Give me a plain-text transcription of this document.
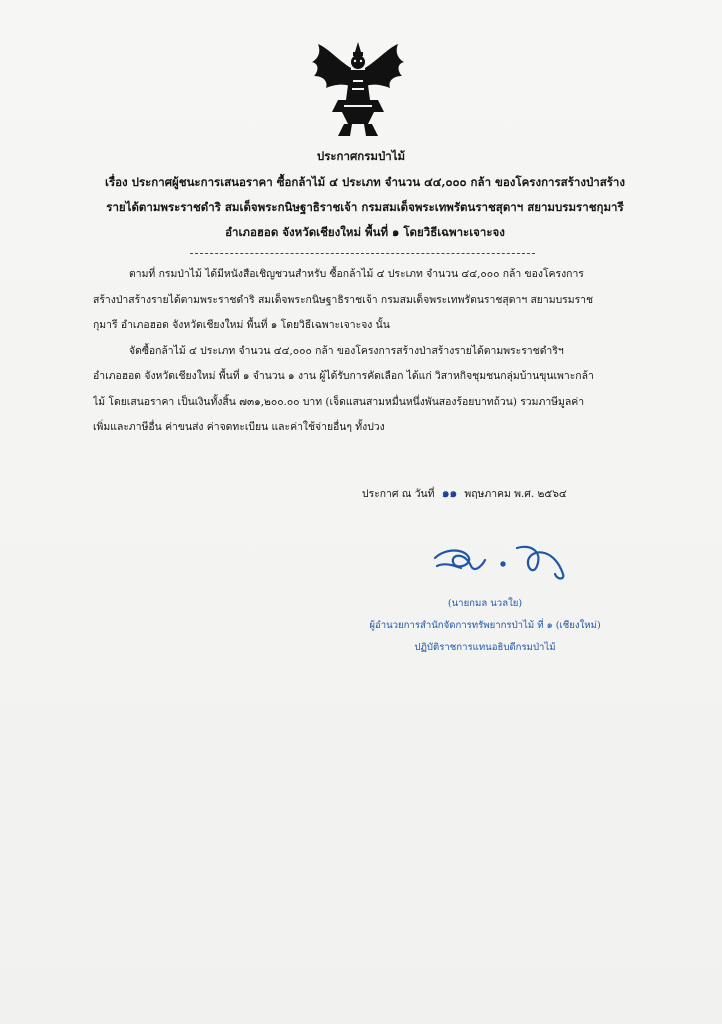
ประกาศกรมป่าไม้
เรื่อง ประกาศผู้ชนะการเสนอราคา ซื้อกล้าไม้ ๔ ประเภท จำนวน ๔๔,๐๐๐ กล้า ของโครงการสร้างป่าสร้าง
รายได้ตามพระราชดำริ สมเด็จพระกนิษฐาธิราชเจ้า กรมสมเด็จพระเทพรัตนราชสุดาฯ สยามบรมราชกุมารี
อำเภอฮอด จังหวัดเชียงใหม่ พื้นที่ ๑ โดยวิธีเฉพาะเจาะจง
ตามที่ กรมป่าไม้ ได้มีหนังสือเชิญชวนสำหรับ ซื้อกล้าไม้ ๔ ประเภท จำนวน ๔๔,๐๐๐ กล้า ของโครงการ
สร้างป่าสร้างรายได้ตามพระราชดำริ สมเด็จพระกนิษฐาธิราชเจ้า กรมสมเด็จพระเทพรัตนราชสุดาฯ สยามบรมราช
กุมารี อำเภอฮอด จังหวัดเชียงใหม่ พื้นที่ ๑ โดยวิธีเฉพาะเจาะจง นั้น
จัดซื้อกล้าไม้ ๔ ประเภท จำนวน ๔๔,๐๐๐ กล้า ของโครงการสร้างป่าสร้างรายได้ตามพระราชดำริฯ
อำเภอฮอด จังหวัดเชียงใหม่ พื้นที่ ๑ จำนวน ๑ งาน ผู้ได้รับการคัดเลือก ได้แก่ วิสาหกิจชุมชนกลุ่มบ้านขุนเพาะกล้า
ไม้ โดยเสนอราคา เป็นเงินทั้งสิ้น ๗๓๑,๒๐๐.๐๐ บาท (เจ็ดแสนสามหมื่นหนึ่งพันสองร้อยบาทถ้วน) รวมภาษีมูลค่า
เพิ่มและภาษีอื่น ค่าขนส่ง ค่าจดทะเบียน และค่าใช้จ่ายอื่นๆ ทั้งปวง
ประกาศ ณ วันที่ ๑๑ พฤษภาคม พ.ศ. ๒๕๖๔
(นายกมล นวลใย)
ผู้อำนวยการสำนักจัดการทรัพยากรป่าไม้ ที่ ๑ (เชียงใหม่)
ปฏิบัติราชการแทนอธิบดีกรมป่าไม้
